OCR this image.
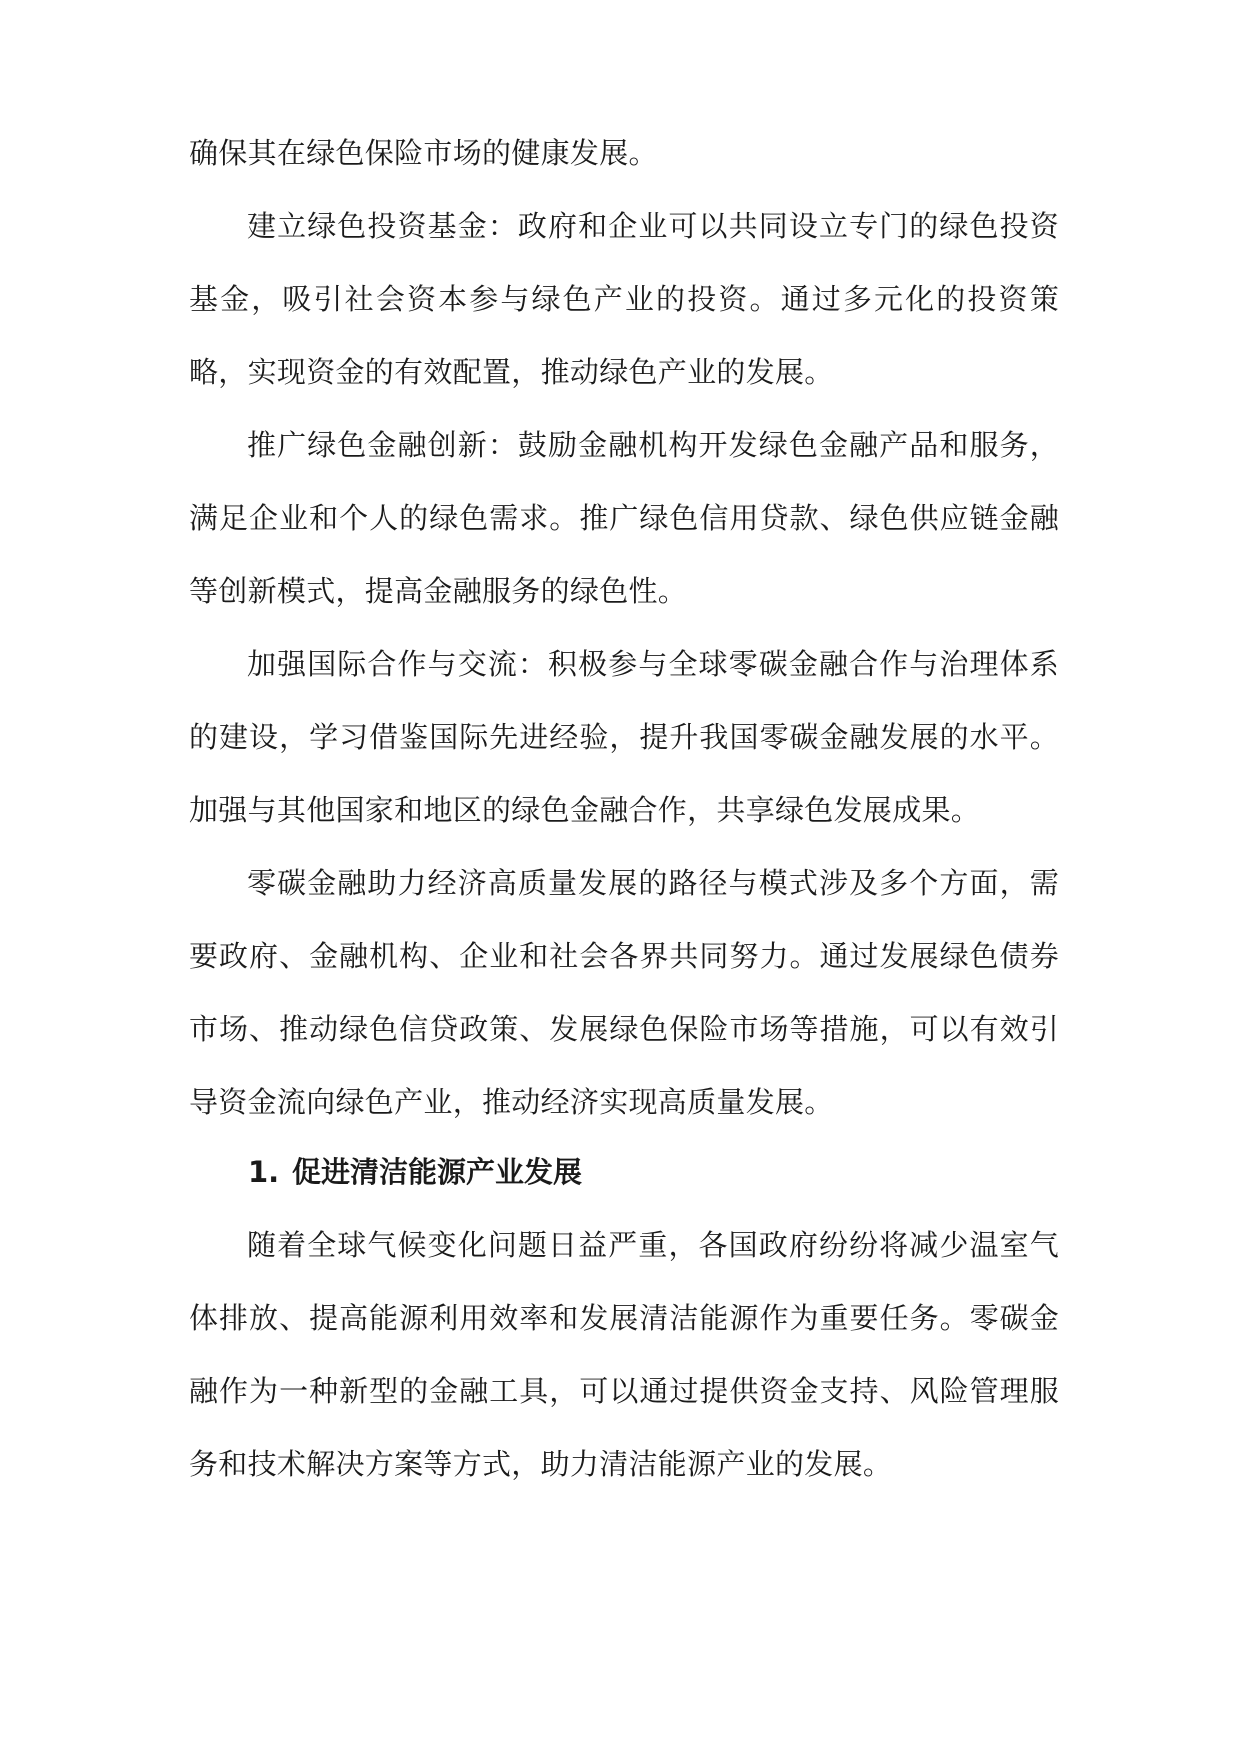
确保其在绿色保险市场的健康发展。

建立绿色投资基金：政府和企业可以共同设立专门的绿色投资基金，吸引社会资本参与绿色产业的投资。通过多元化的投资策略，实现资金的有效配置，推动绿色产业的发展。

推广绿色金融创新：鼓励金融机构开发绿色金融产品和服务，满足企业和个人的绿色需求。推广绿色信用贷款、绿色供应链金融等创新模式，提高金融服务的绿色性。

加强国际合作与交流：积极参与全球零碳金融合作与治理体系的建设，学习借鉴国际先进经验，提升我国零碳金融发展的水平。加强与其他国家和地区的绿色金融合作，共享绿色发展成果。

零碳金融助力经济高质量发展的路径与模式涉及多个方面，需要政府、金融机构、企业和社会各界共同努力。通过发展绿色债券市场、推动绿色信贷政策、发展绿色保险市场等措施，可以有效引导资金流向绿色产业，推动经济实现高质量发展。

1. 促进清洁能源产业发展

随着全球气候变化问题日益严重，各国政府纷纷将减少温室气体排放、提高能源利用效率和发展清洁能源作为重要任务。零碳金融作为一种新型的金融工具，可以通过提供资金支持、风险管理服务和技术解决方案等方式，助力清洁能源产业的发展。
